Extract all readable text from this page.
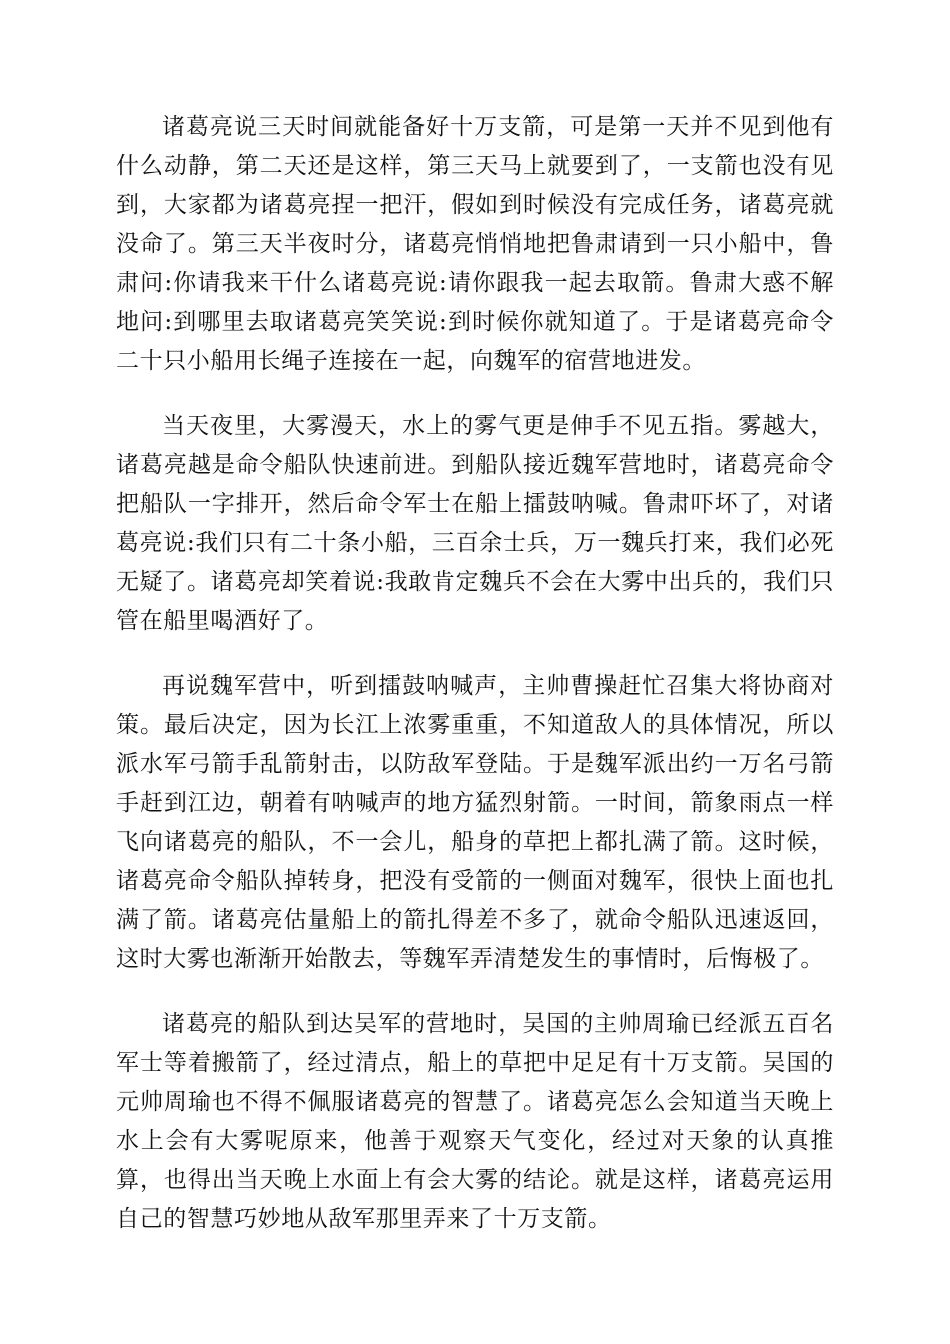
诸葛亮说三天时间就能备好十万支箭，可是第一天并不见到他有什么动静，第二天还是这样，第三天马上就要到了，一支箭也没有见到，大家都为诸葛亮捏一把汗，假如到时候没有完成任务，诸葛亮就没命了。第三天半夜时分，诸葛亮悄悄地把鲁肃请到一只小船中，鲁肃问:你请我来干什么诸葛亮说:请你跟我一起去取箭。鲁肃大惑不解地问:到哪里去取诸葛亮笑笑说:到时候你就知道了。于是诸葛亮命令二十只小船用长绳子连接在一起，向魏军的宿营地进发。

当天夜里，大雾漫天，水上的雾气更是伸手不见五指。雾越大，诸葛亮越是命令船队快速前进。到船队接近魏军营地时，诸葛亮命令把船队一字排开，然后命令军士在船上擂鼓呐喊。鲁肃吓坏了，对诸葛亮说:我们只有二十条小船，三百余士兵，万一魏兵打来，我们必死无疑了。诸葛亮却笑着说:我敢肯定魏兵不会在大雾中出兵的，我们只管在船里喝酒好了。

再说魏军营中，听到擂鼓呐喊声，主帅曹操赶忙召集大将协商对策。最后决定，因为长江上浓雾重重，不知道敌人的具体情况，所以派水军弓箭手乱箭射击，以防敌军登陆。于是魏军派出约一万名弓箭手赶到江边，朝着有呐喊声的地方猛烈射箭。一时间，箭象雨点一样飞向诸葛亮的船队，不一会儿，船身的草把上都扎满了箭。这时候，诸葛亮命令船队掉转身，把没有受箭的一侧面对魏军，很快上面也扎满了箭。诸葛亮估量船上的箭扎得差不多了，就命令船队迅速返回，这时大雾也渐渐开始散去，等魏军弄清楚发生的事情时，后悔极了。

诸葛亮的船队到达吴军的营地时，吴国的主帅周瑜已经派五百名军士等着搬箭了，经过清点，船上的草把中足足有十万支箭。吴国的元帅周瑜也不得不佩服诸葛亮的智慧了。诸葛亮怎么会知道当天晚上水上会有大雾呢原来，他善于观察天气变化，经过对天象的认真推算，也得出当天晚上水面上有会大雾的结论。就是这样，诸葛亮运用自己的智慧巧妙地从敌军那里弄来了十万支箭。
